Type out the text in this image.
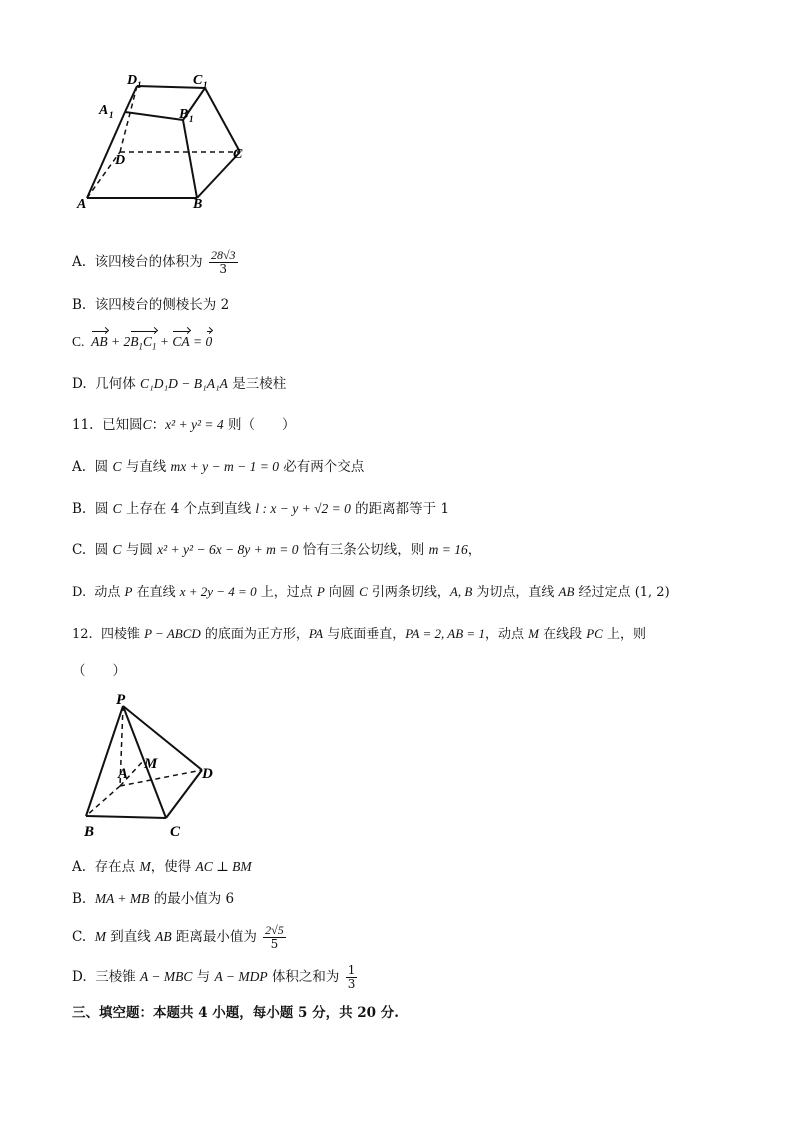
D 1	C 1
A 1	B 1
D	C
A	B
A. 该四棱台的体积为 $\frac{28√3}{3}$
B. 该四棱台的侧棱长为 2
C. AB + $2B_1C_1$ + CA = 0
D. 几何体 C₁D₁D − B₁A₁A 是三棱柱
11. 已知圆C：x² + y² = 4 则（　　）
A. 圆 C 与直线 mx + y − m − 1 = 0 必有两个交点
B. 圆 C 上存在 4 个点到直线 l : x − y + √2 = 0 的距离都等于 1
C. 圆 C 与圆 x² + y² − 6x − 8y + m = 0 恰有三条公切线，则 m = 16，
D. 动点 P 在直线 x + 2y − 4 = 0 上，过点 P 向圆 C 引两条切线，A, B 为切点，直线 AB 经过定点 (1, 2)
12. 四棱锥 P − ABCD 的底面为正方形，PA 与底面垂直，PA = 2, AB = 1，动点 M 在线段 PC 上，则
（　　）
P
A
M
D
B	C
A. 存在点 M，使得 AC ⊥ BM
B. MA + MB 的最小值为 6
C. M 到直线 AB 距离最小值为 $\frac{2√5}{5}$
D. 三棱锥 A − MBC 与 A − MDP 体积之和为 $\frac{1}{3}$
三、填空题：本题共 4 小題，每小题 5 分，共 20 分.
